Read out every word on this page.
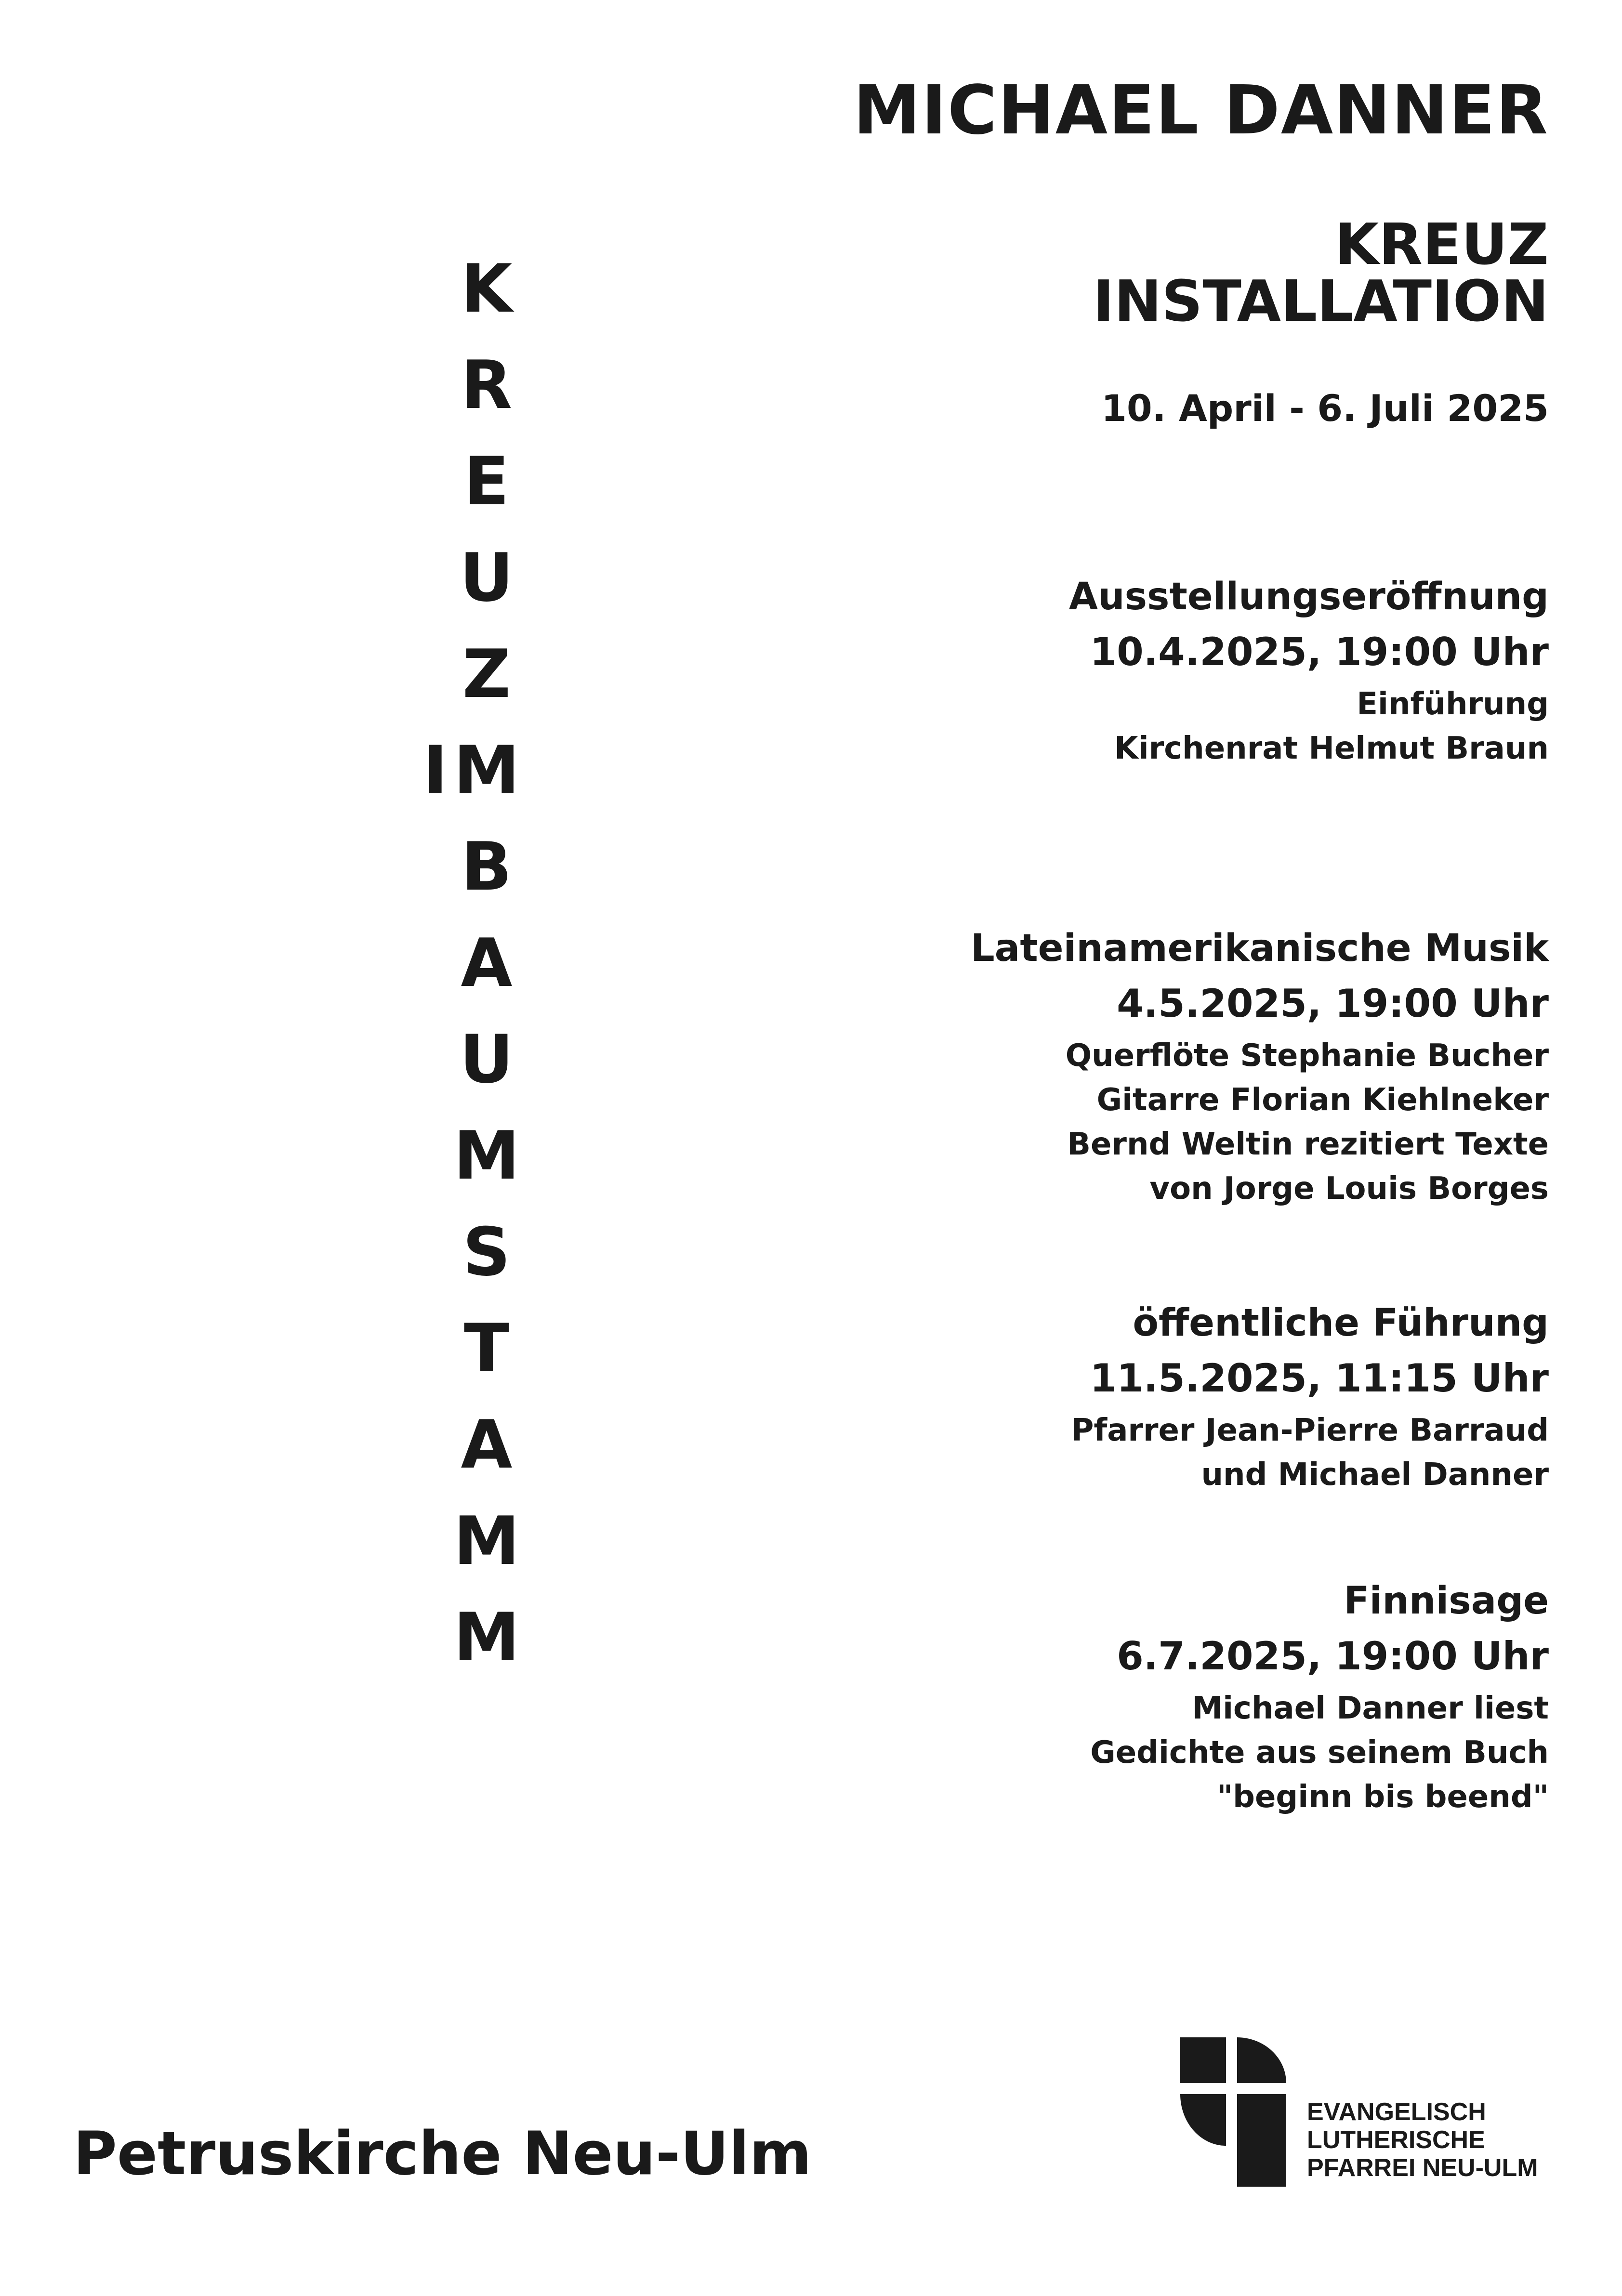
MICHAEL DANNER
KREUZ
INSTALLATION

10. April - 6. Juli 2025

Ausstellungseröffnung
10.4.2025, 19:00 Uhr
Einführung
Kirchenrat Helmut Braun
Lateinamerikanische Musik
4.5.2025, 19:00 Uhr
Querflöte Stephanie Bucher
Gitarre Florian Kiehlneker
Bernd Weltin rezitiert Texte
von Jorge Louis Borges
öffentliche Führung
11.5.2025, 11:15 Uhr
Pfarrer Jean-Pierre Barraud
und Michael Danner
Finnisage
6.7.2025, 19:00 Uhr
Michael Danner liest
Gedichte aus seinem Buch
"beginn bis beend"
K
R
E
U
Z
M
B
A
U
M
S
T
A
M
M
I
Petruskirche Neu-Ulm
EVANGELISCH
LUTHERISCHE
PFARREI NEU-ULM
